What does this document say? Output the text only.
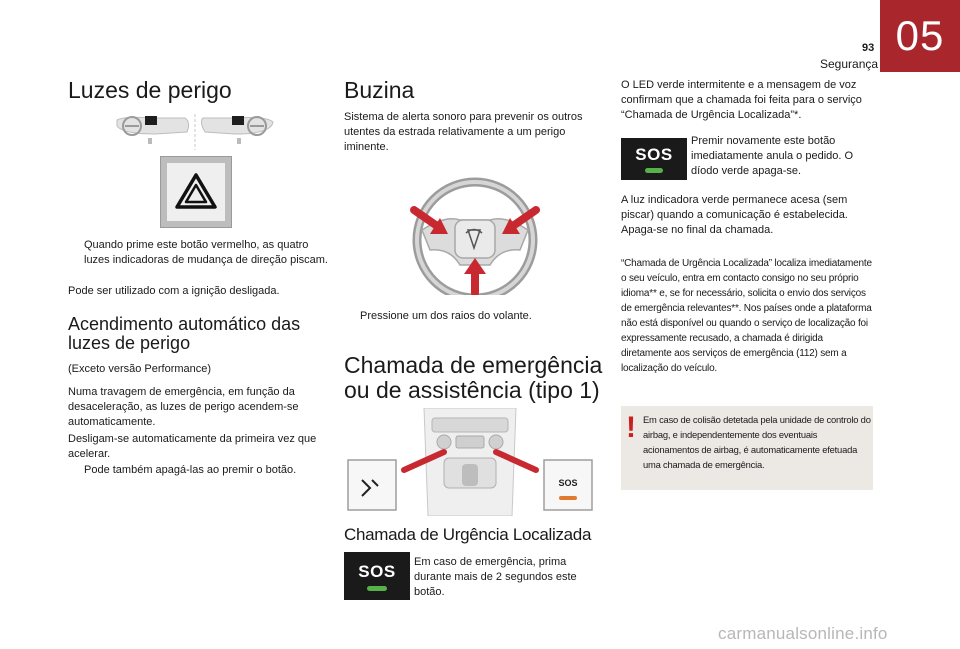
93
Segurança
05
Luzes de perigo
Quando prime este botão vermelho, as quatro luzes indicadoras de mudança de direção piscam.

Pode ser utilizado com a ignição desligada.

Acendimento automático das luzes de perigo

(Exceto versão Performance)

Numa travagem de emergência, em função da desaceleração, as luzes de perigo acendem-se automaticamente.

Desligam-se automaticamente da primeira vez que acelerar.

Pode também apagá-las ao premir o botão.
Buzina

Sistema de alerta sonoro para prevenir os outros utentes da estrada relativamente a um perigo iminente.

Pressione um dos raios do volante.
Chamada de emergência ou de assistência (tipo 1)
SOS
Chamada de Urgência Localizada
SOS Em caso de emergência, prima durante mais de 2 segundos este botão.

O LED verde intermitente e a mensagem de voz confirmam que a chamada foi feita para o serviço “Chamada de Urgência Localizada”*.

SOS

Premir novamente este botão imediatamente anula o pedido. O díodo verde apaga-se.

A luz indicadora verde permanece acesa (sem piscar) quando a comunicação é estabelecida. Apaga-se no final da chamada.

“Chamada de Urgência Localizada” localiza imediatamente o seu veículo, entra em contacto consigo no seu próprio idioma** e, se for necessário, solicita o envio dos serviços de emergência relevantes**. Nos países onde a plataforma não está disponível ou quando o serviço de localização foi expressamente recusado, a chamada é dirigida diretamente aos serviços de emergência (112) sem a localização do veículo.

! Em caso de colisão detetada pela unidade de controlo do airbag, e independentemente dos eventuais acionamentos de airbag, é automaticamente efetuada uma chamada de emergência.

carmanualsonline.info
